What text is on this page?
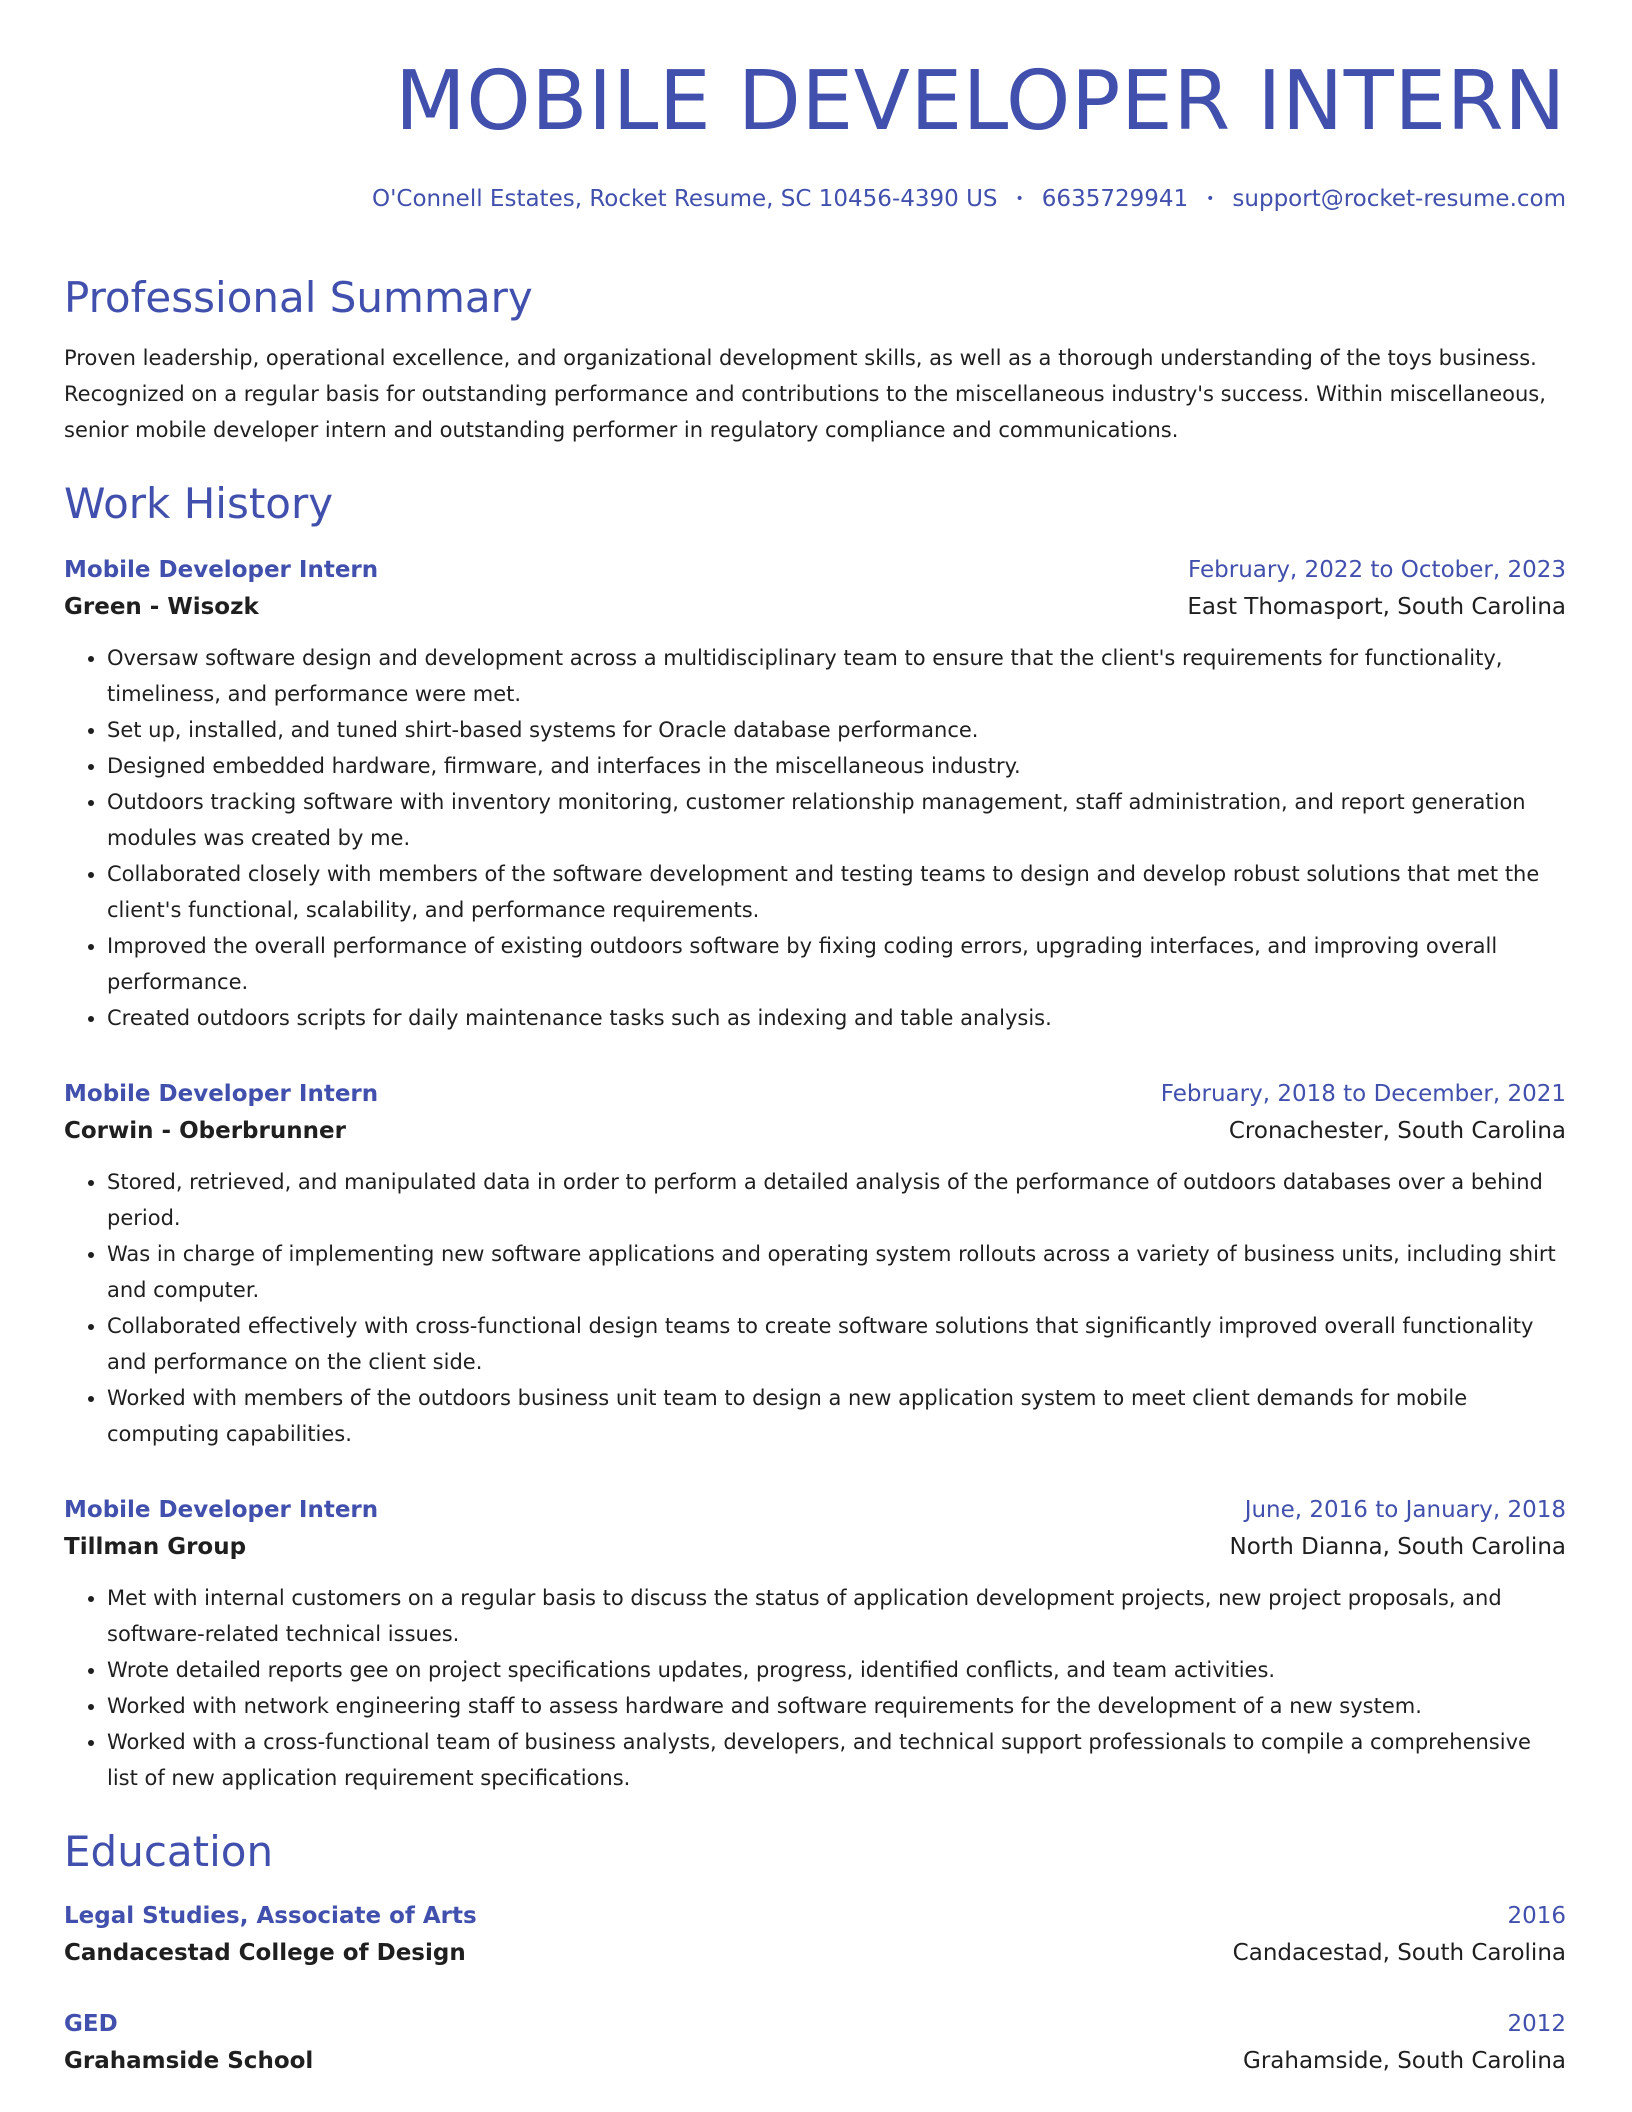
MOBILE DEVELOPER INTERN
O'Connell Estates, Rocket Resume, SC 10456-4390 US • 6635729941 • support@rocket-resume.com
Professional Summary
Proven leadership, operational excellence, and organizational development skills, as well as a thorough understanding of the toys business. Recognized on a regular basis for outstanding performance and contributions to the miscellaneous industry's success. Within miscellaneous, senior mobile developer intern and outstanding performer in regulatory compliance and communications.
Work History
Mobile Developer Intern	February, 2022 to October, 2023
Green - Wisozk	East Thomasport, South Carolina
• Oversaw software design and development across a multidisciplinary team to ensure that the client's requirements for functionality, timeliness, and performance were met.
• Set up, installed, and tuned shirt-based systems for Oracle database performance.
• Designed embedded hardware, firmware, and interfaces in the miscellaneous industry.
• Outdoors tracking software with inventory monitoring, customer relationship management, staff administration, and report generation modules was created by me.
• Collaborated closely with members of the software development and testing teams to design and develop robust solutions that met the client's functional, scalability, and performance requirements.
• Improved the overall performance of existing outdoors software by fixing coding errors, upgrading interfaces, and improving overall performance.
• Created outdoors scripts for daily maintenance tasks such as indexing and table analysis.
Mobile Developer Intern	February, 2018 to December, 2021
Corwin - Oberbrunner	Cronachester, South Carolina
• Stored, retrieved, and manipulated data in order to perform a detailed analysis of the performance of outdoors databases over a behind period.
• Was in charge of implementing new software applications and operating system rollouts across a variety of business units, including shirt and computer.
• Collaborated effectively with cross-functional design teams to create software solutions that significantly improved overall functionality and performance on the client side.
• Worked with members of the outdoors business unit team to design a new application system to meet client demands for mobile computing capabilities.
Mobile Developer Intern	June, 2016 to January, 2018
Tillman Group	North Dianna, South Carolina
• Met with internal customers on a regular basis to discuss the status of application development projects, new project proposals, and software-related technical issues.
• Wrote detailed reports gee on project specifications updates, progress, identified conflicts, and team activities.
• Worked with network engineering staff to assess hardware and software requirements for the development of a new system.
• Worked with a cross-functional team of business analysts, developers, and technical support professionals to compile a comprehensive list of new application requirement specifications.
Education
Legal Studies, Associate of Arts	2016
Candacestad College of Design	Candacestad, South Carolina
GED	2012
Grahamside School	Grahamside, South Carolina
